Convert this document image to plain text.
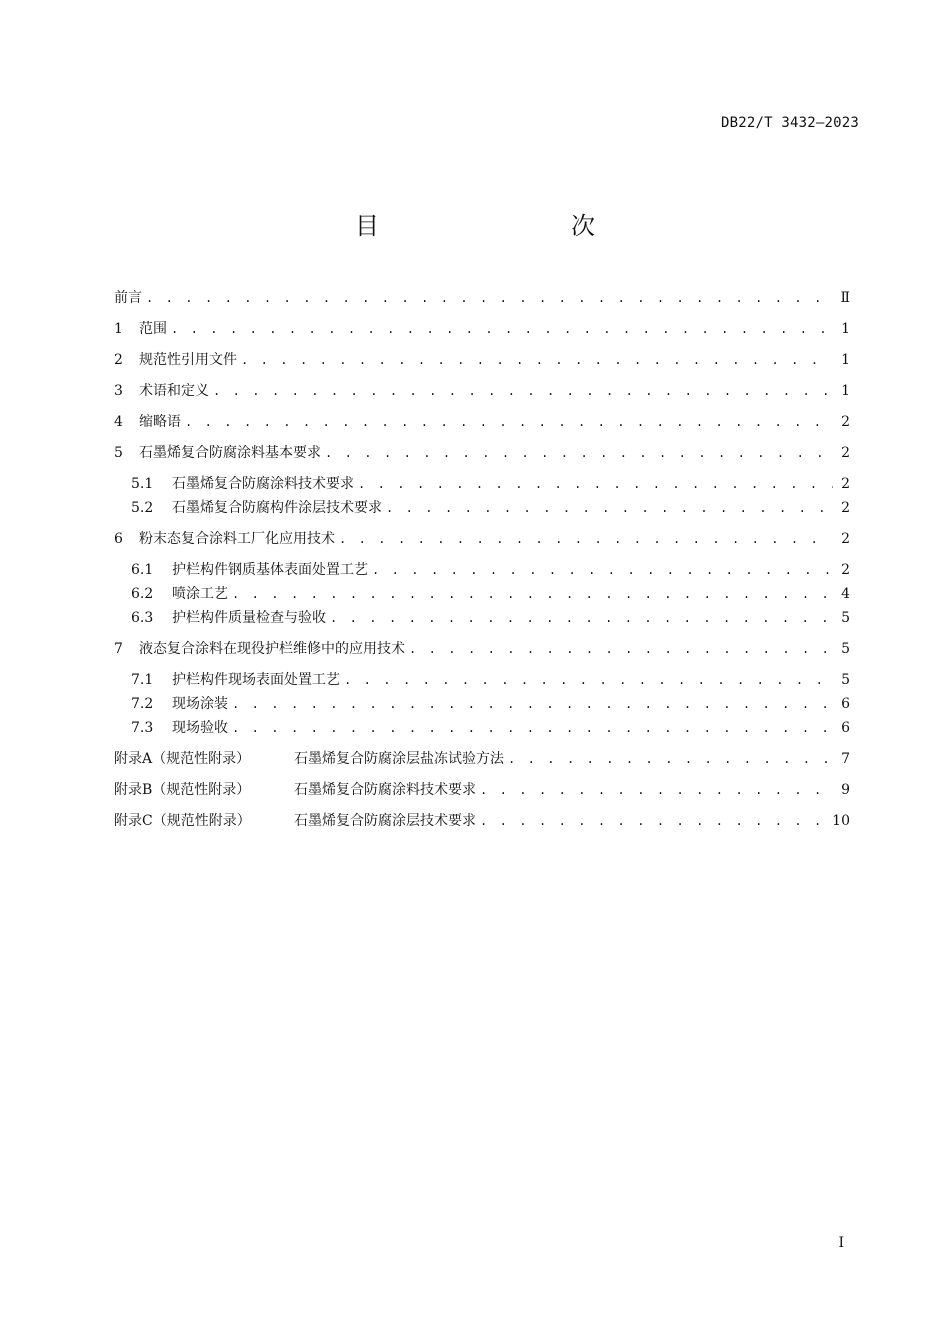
DB22/T 3432—2023
目　　次
前言 . . .	Ⅱ
1	范围 . . .	1
2	规范性引用文件 . . .	1
3	术语和定义 . . .	1
4	缩略语 . . .	2
5	石墨烯复合防腐涂料基本要求 . . .	2
5.1	石墨烯复合防腐涂料技术要求 . . .	2
5.2	石墨烯复合防腐构件涂层技术要求 . . .	2
6	粉末态复合涂料工厂化应用技术 . . .	2
6.1	护栏构件钢质基体表面处置工艺 . . .	2
6.2	喷涂工艺 . . .	4
6.3	护栏构件质量检查与验收 . . .	5
7	液态复合涂料在现役护栏维修中的应用技术 . . .	5
7.1	护栏构件现场表面处置工艺 . . .	5
7.2	现场涂装 . . .	6
7.3	现场验收 . . .	6
附录A（规范性附录）	石墨烯复合防腐涂层盐冻试验方法 . . .	7
附录B（规范性附录）	石墨烯复合防腐涂料技术要求 . . .	9
附录C（规范性附录）	石墨烯复合防腐涂层技术要求 . . .	10
I
